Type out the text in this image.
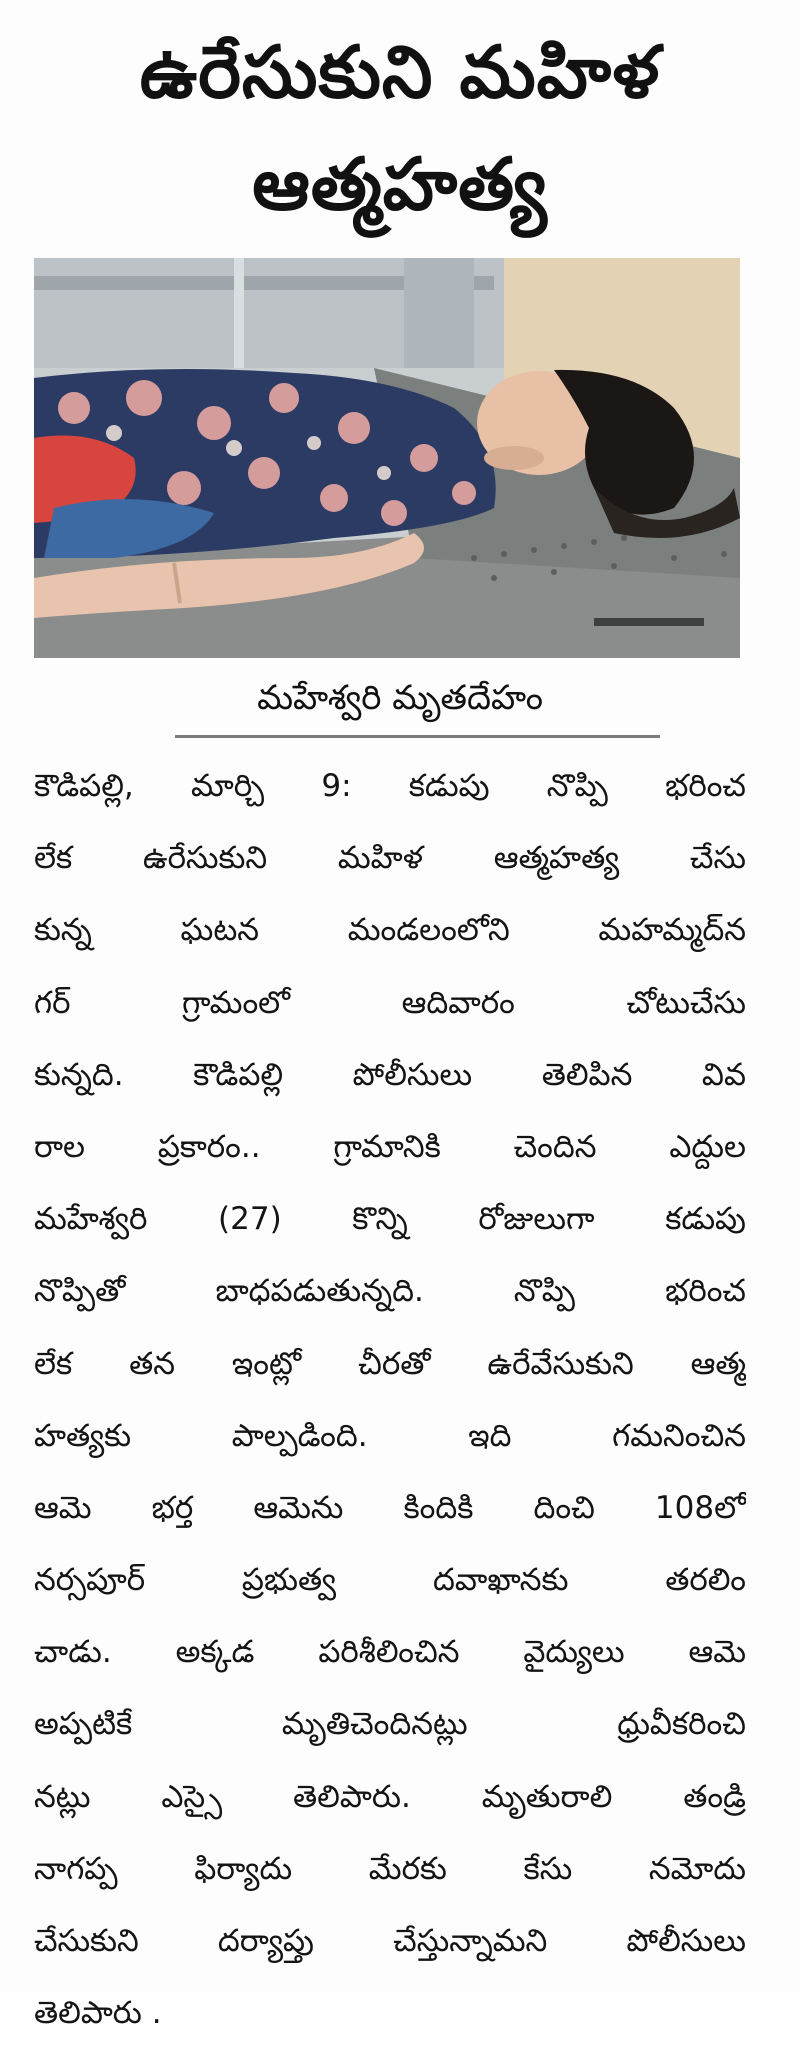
ఉరేసుకుని మహిళ
ఆత్మహత్య
మహేశ్వరి మృతదేహం
కౌడిపల్లి, మార్చి 9: కడుపు నొప్పి భరించ
లేక ఉరేసుకుని మహిళ ఆత్మహత్య చేసు
కున్న ఘటన మండలంలోని మహమ్మద్‌న
గర్ గ్రామంలో ఆదివారం చోటుచేసు
కున్నది. కౌడిపల్లి పోలీసులు తెలిపిన వివ
రాల ప్రకారం.. గ్రామానికి చెందిన ఎద్దుల
మహేశ్వరి (27) కొన్ని రోజులుగా కడుపు
నొప్పితో బాధపడుతున్నది. నొప్పి భరించ
లేక తన ఇంట్లో చీరతో ఉరేవేసుకుని ఆత్మ
హత్యకు పాల్పడింది. ఇది గమనించిన
ఆమె భర్త ఆమెను కిందికి దించి 108లో
నర్సపూర్ ప్రభుత్వ దవాఖానకు తరలిం
చాడు. అక్కడ పరిశీలించిన వైద్యులు ఆమె
అప్పటికే మృతిచెందినట్లు ధ్రువీకరించి
నట్లు ఎస్సై తెలిపారు. మృతురాలి తండ్రి
నాగప్ప ఫిర్యాదు మేరకు కేసు నమోదు
చేసుకుని దర్యాప్తు చేస్తున్నామని పోలీసులు
తెలిపారు .
